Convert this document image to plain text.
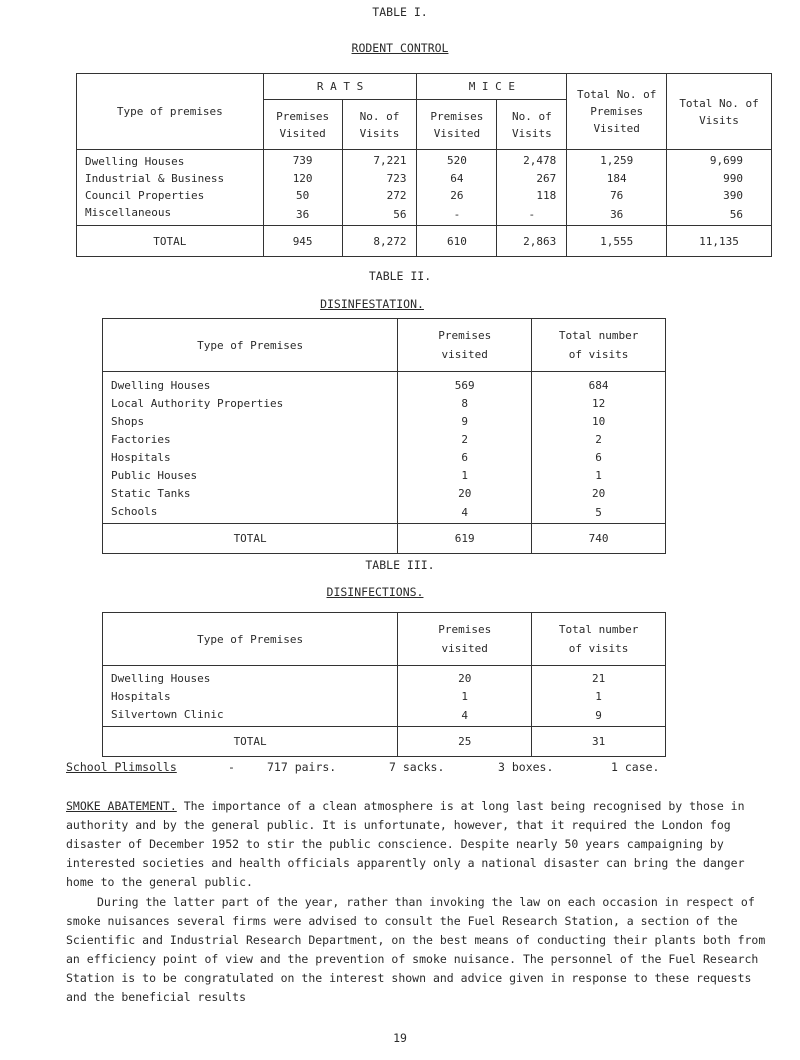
TABLE I.
RODENT CONTROL
Type of premises	R A T S		M I C E		Total No. of Premises Visited	Total No. of Visits
	Premises Visited	No. of Visits	Premises Visited	No. of Visits		
Dwelling Houses	739	7,221	520	2,478	1,259	9,699
Industrial & Business	120	723	64	267	184	990
Council Properties	50	272	26	118	76	390
Miscellaneous	36	56	-	-	36	56
TOTAL	945	8,272	610	2,863	1,555	11,135
TABLE II.
DISINFESTATION.
Type of Premises	Premises visited	Total number of visits
Dwelling Houses	569	684
Local Authority Properties	8	12
Shops	9	10
Factories	2	2
Hospitals	6	6
Public Houses	1	1
Static Tanks	20	20
Schools	4	5
TOTAL	619	740
TABLE III.
DISINFECTIONS.
Type of Premises	Premises visited	Total number of visits
Dwelling Houses	20	21
Hospitals	1	1
Silvertown Clinic	4	9
TOTAL	25	31
School Plimsolls	-	717 pairs.	7 sacks.	3 boxes.	1 case.
SMOKE ABATEMENT. The importance of a clean atmosphere is at long last being recognised by those in authority and by the general public. It is unfortunate, however, that it required the London fog disaster of December 1952 to stir the public conscience. Despite nearly 50 years campaigning by interested societies and health officials apparently only a national disaster can bring the danger home to the general public.
During the latter part of the year, rather than invoking the law on each occasion in respect of smoke nuisances several firms were advised to consult the Fuel Research Station, a section of the Scientific and Industrial Research Department, on the best means of conducting their plants both from an efficiency point of view and the prevention of smoke nuisance. The personnel of the Fuel Research Station is to be congratulated on the interest shown and advice given in response to these requests and the beneficial results
19
